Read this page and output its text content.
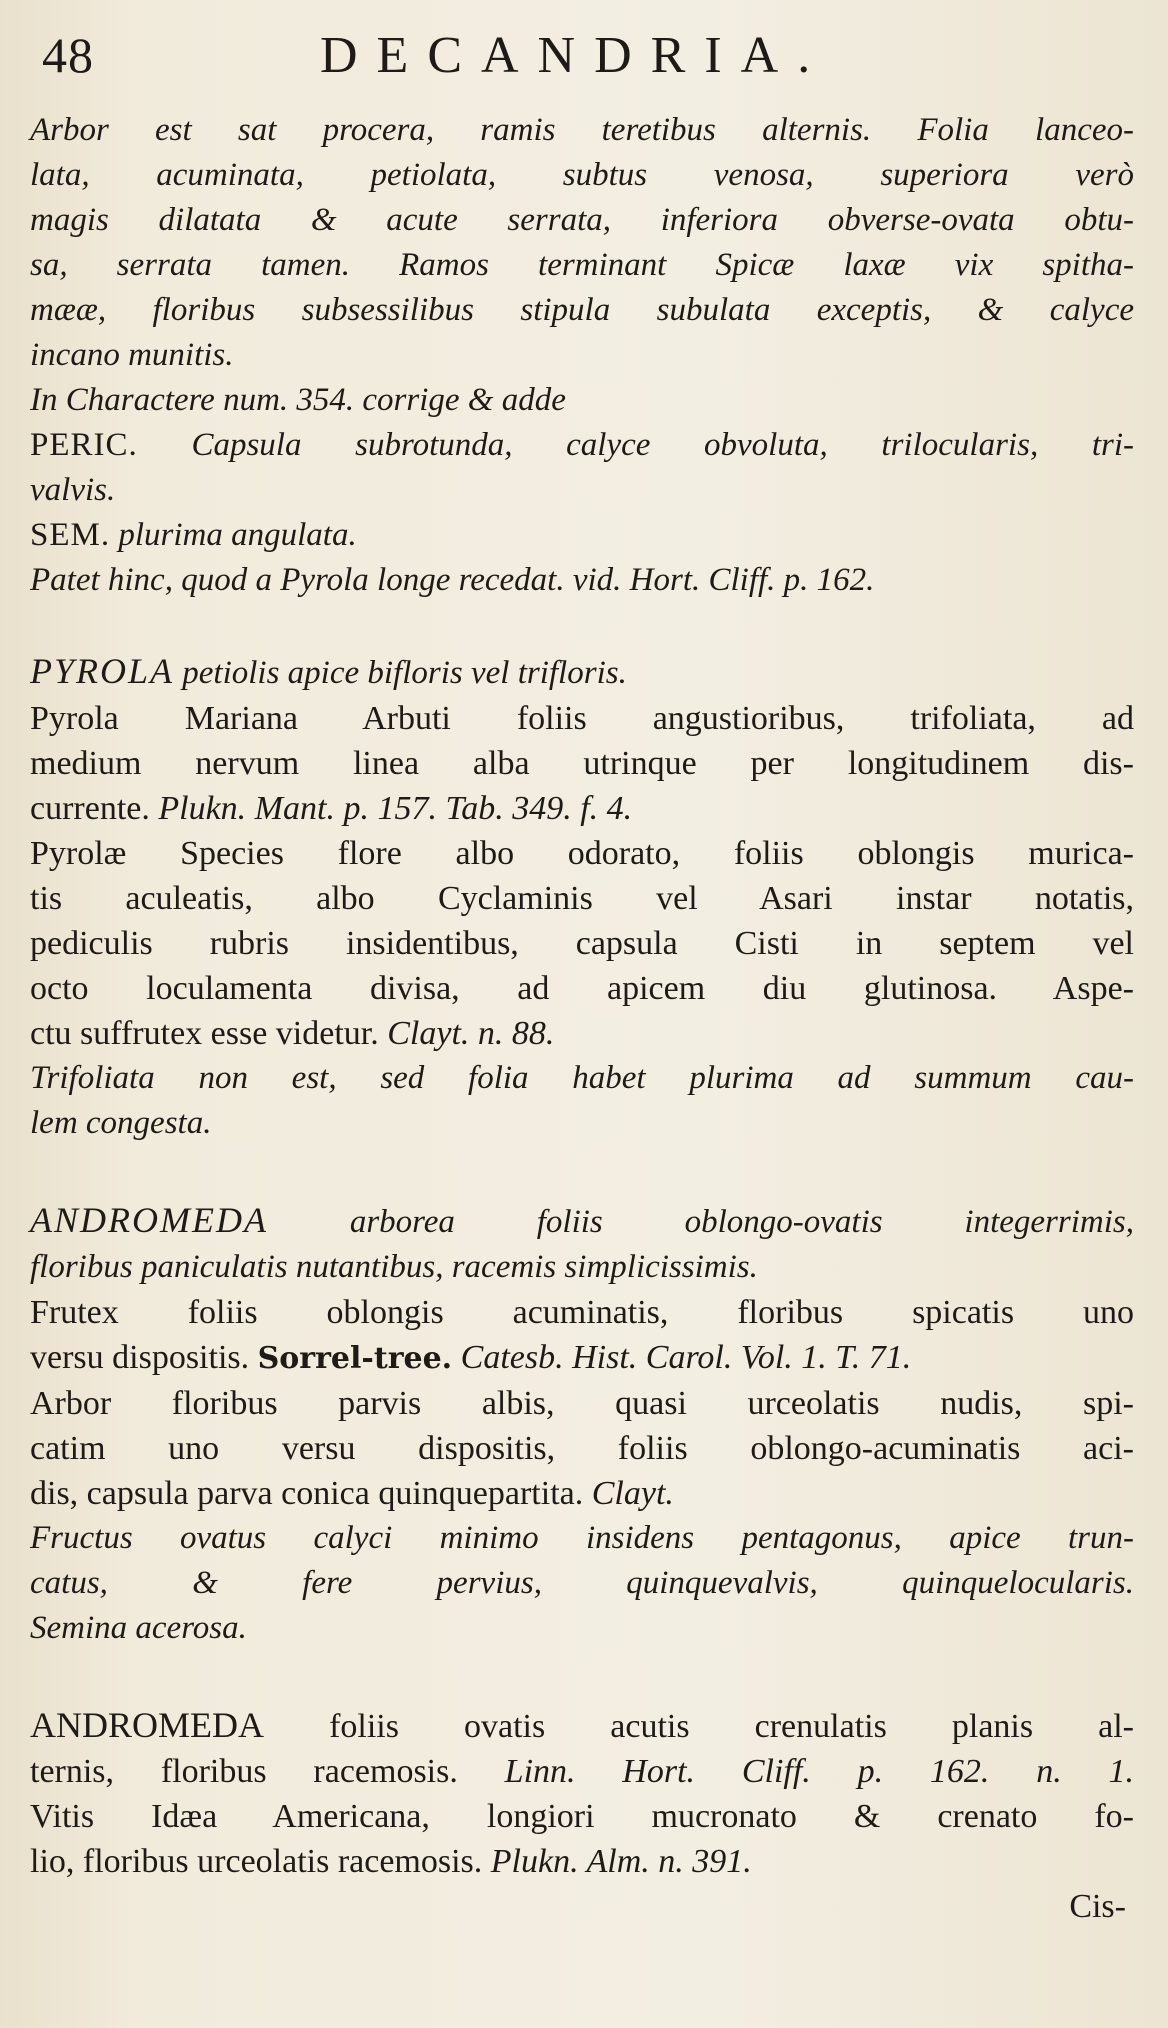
48	DECANDRIA.

Arbor est sat procera, ramis teretibus alternis. Folia lanceo-

lata, acuminata, petiolata, subtus venosa, superiora verò

magis dilatata & acute serrata, inferiora obverse-ovata obtu-

sa, serrata tamen. Ramos terminant Spicæ laxæ vix spitha-

mææ, floribus subsessilibus stipula subulata exceptis, & calyce

incano munitis.

In Charactere num. 354. corrige & adde

PERIC. Capsula subrotunda, calyce obvoluta, trilocularis, tri-

valvis.

SEM. plurima angulata.

Patet hinc, quod a Pyrola longe recedat. vid. Hort. Cliff. p. 162.

PYROLA petiolis apice bifloris vel trifloris.

Pyrola Mariana Arbuti foliis angustioribus, trifoliata, ad

medium nervum linea alba utrinque per longitudinem dis-

currente. Plukn. Mant. p. 157. Tab. 349. f. 4.

Pyrolæ Species flore albo odorato, foliis oblongis murica-

tis aculeatis, albo Cyclaminis vel Asari instar notatis,

pediculis rubris insidentibus, capsula Cisti in septem vel

octo loculamenta divisa, ad apicem diu glutinosa. Aspe-

ctu suffrutex esse videtur. Clayt. n. 88.

Trifoliata non est, sed folia habet plurima ad summum cau-

lem congesta.

ANDROMEDA arborea foliis oblongo-ovatis integerrimis,

floribus paniculatis nutantibus, racemis simplicissimis.

Frutex foliis oblongis acuminatis, floribus spicatis uno

versu dispositis. Sorrel-tree. Catesb. Hist. Carol. Vol. 1. T. 71.

Arbor floribus parvis albis, quasi urceolatis nudis, spi-

catim uno versu dispositis, foliis oblongo-acuminatis aci-

dis, capsula parva conica quinquepartita. Clayt.

Fructus ovatus calyci minimo insidens pentagonus, apice trun-

catus, & fere pervius, quinquevalvis, quinquelocularis.

Semina acerosa.

ANDROMEDA foliis ovatis acutis crenulatis planis al-

ternis, floribus racemosis. Linn. Hort. Cliff. p. 162. n. 1.

Vitis Idæa Americana, longiori mucronato & crenato fo-

lio, floribus urceolatis racemosis. Plukn. Alm. n. 391.

Cis-
